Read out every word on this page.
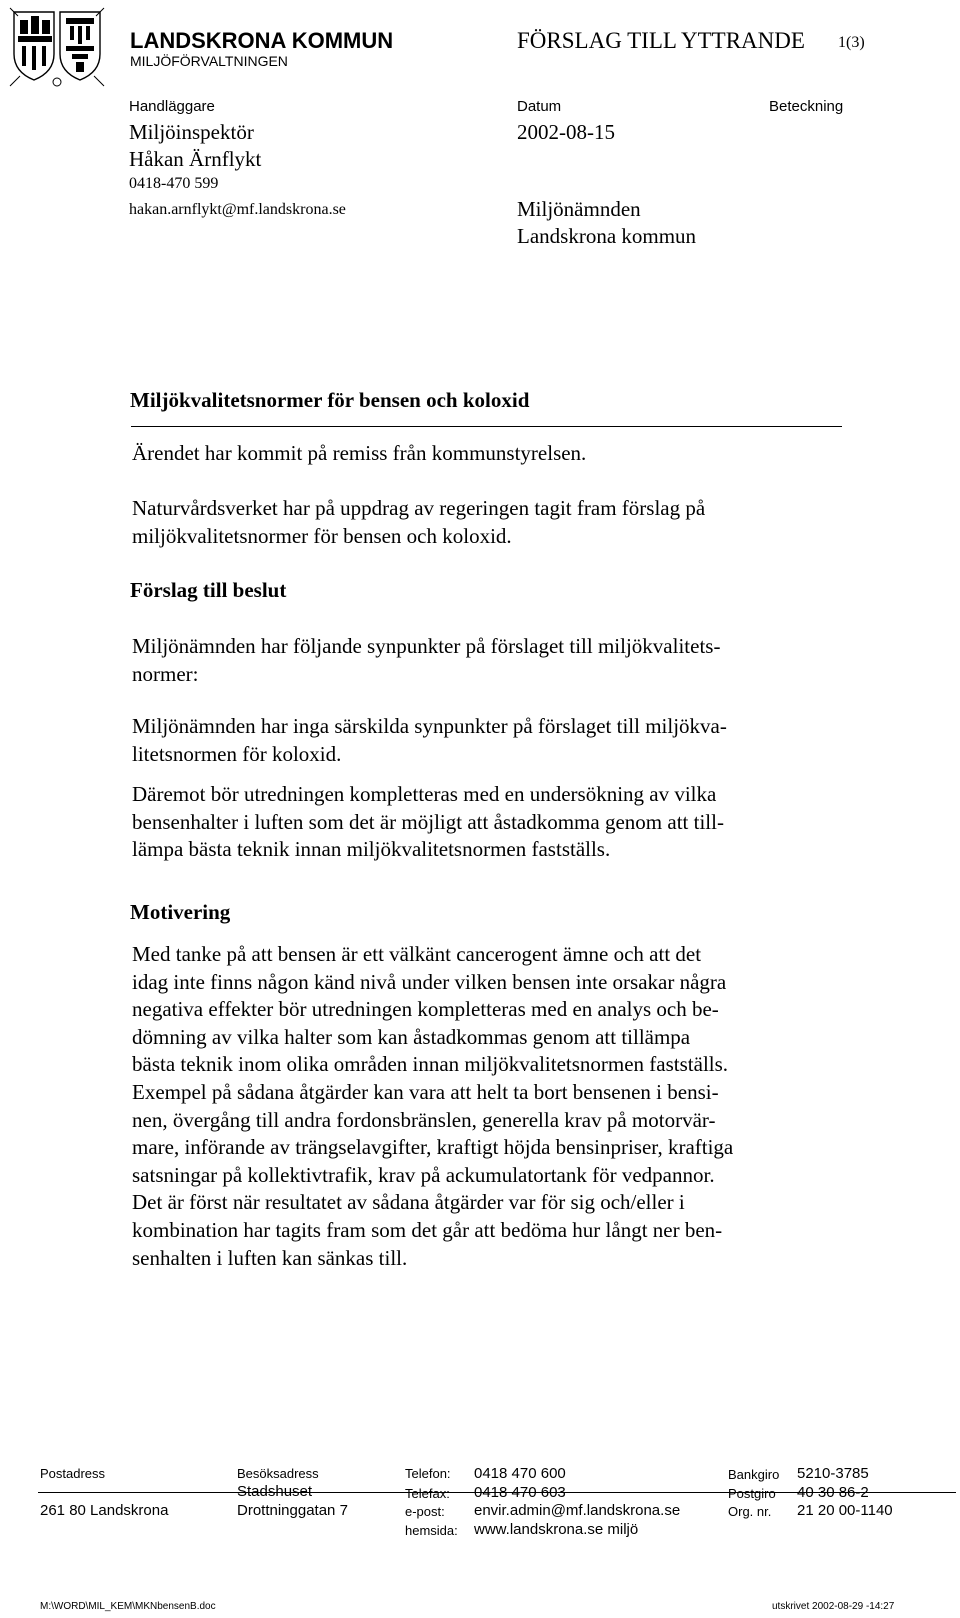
LANDSKRONA KOMMUN
MILJÖFÖRVALTNINGEN
FÖRSLAG TILL YTTRANDE 1(3)
Handläggare	Datum	Beteckning
Miljöinspektör	2002-08-15
Håkan Ärnflykt
0418-470 599
hakan.arnflykt@mf.landskrona.se	Miljönämnden
Landskrona kommun
Miljökvalitetsnormer för bensen och koloxid
Ärendet har kommit på remiss från kommunstyrelsen.
Naturvårdsverket har på uppdrag av regeringen tagit fram förslag på
miljökvalitetsnormer för bensen och koloxid.
Förslag till beslut
Miljönämnden har följande synpunkter på förslaget till miljökvalitets-
normer:
Miljönämnden har inga särskilda synpunkter på förslaget till miljökva-
litetsnormen för koloxid.
Däremot bör utredningen kompletteras med en undersökning av vilka
bensenhalter i luften som det är möjligt att åstadkomma genom att till-
lämpa bästa teknik innan miljökvalitetsnormen fastställs.
Motivering
Med tanke på att bensen är ett välkänt cancerogent ämne och att det
idag inte finns någon känd nivå under vilken bensen inte orsakar några
negativa effekter bör utredningen kompletteras med en analys och be-
dömning av vilka halter som kan åstadkommas genom att tillämpa
bästa teknik inom olika områden innan miljökvalitetsnormen fastställs.
Exempel på sådana åtgärder kan vara att helt ta bort bensenen i bensi-
nen, övergång till andra fordonsbränslen, generella krav på motorvär-
mare, införande av trängselavgifter, kraftigt höjda bensinpriser, kraftiga
satsningar på kollektivtrafik, krav på ackumulatortank för vedpannor.
Det är först när resultatet av sådana åtgärder var för sig och/eller i
kombination har tagits fram som det går att bedöma hur långt ner ben-
senhalten i luften kan sänkas till.
Postadress
261 80 Landskrona
Besöksadress
Stadshuset
Drottninggatan 7
Telefon: 0418 470 600
Telefax: 0418 470 603
e-post: envir.admin@mf.landskrona.se
hemsida: www.landskrona.se miljö
Bankgiro 5210-3785
Postgiro 40 30 86-2
Org. nr. 21 20 00-1140
M:\WORD\MIL_KEM\MKNbensenB.doc	utskrivet 2002-08-29 -14:27
